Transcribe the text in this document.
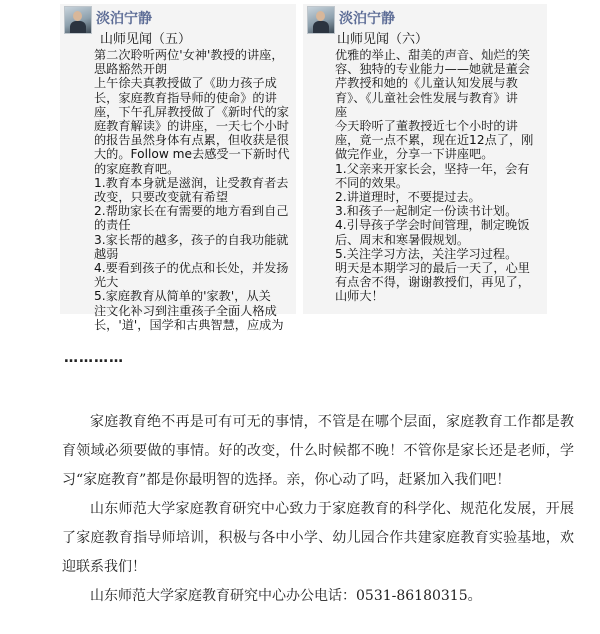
淡泊宁静
山师见闻（五）
第二次聆听两位'女神'教授的讲座，
思路豁然开朗
上午徐夫真教授做了《助力孩子成
长，家庭教育指导师的使命》的讲
座，下午孔屏教授做了《新时代的家
庭教育解读》的讲座，一天七个小时
的报告虽然身体有点累，但收获是很
大的。Follow me去感受一下新时代
的家庭教育吧。
1.教育本身就是滋润，让受教育者去
改变，只要改变就有希望
2.帮助家长在有需要的地方看到自己
的责任
3.家长帮的越多，孩子的自我功能就
越弱
4.要看到孩子的优点和长处，并发扬
光大
5.家庭教育从简单的'家教'，从关
注文化补习到注重孩子全面人格成
长，'道'，国学和古典智慧，应成为
淡泊宁静
山师见闻（六）
优雅的举止、甜美的声音、灿烂的笑
容、独特的专业能力——她就是董会
芹教授和她的《儿童认知发展与教
育》、《儿童社会性发展与教育》讲
座
今天聆听了董教授近七个小时的讲
座，竟一点不累，现在近12点了，刚
做完作业，分享一下讲座吧。
1.父亲来开家长会，坚持一年，会有
不同的效果。
2.讲道理时，不要提过去。
3.和孩子一起制定一份读书计划。
4.引导孩子学会时间管理，制定晚饭
后、周末和寒暑假规划。
5.关注学习方法，关注学习过程。
明天是本期学习的最后一天了，心里
有点舍不得，谢谢教授们，再见了，
山师大！
…………

家庭教育绝不再是可有可无的事情，不管是在哪个层面，家庭教育工作都是教育领域必须要做的事情。好的改变，什么时候都不晚！不管你是家长还是老师，学习“家庭教育”都是你最明智的选择。亲，你心动了吗，赶紧加入我们吧！

山东师范大学家庭教育研究中心致力于家庭教育的科学化、规范化发展，开展了家庭教育指导师培训，积极与各中小学、幼儿园合作共建家庭教育实验基地，欢迎联系我们！

山东师范大学家庭教育研究中心办公电话：0531-86180315。
